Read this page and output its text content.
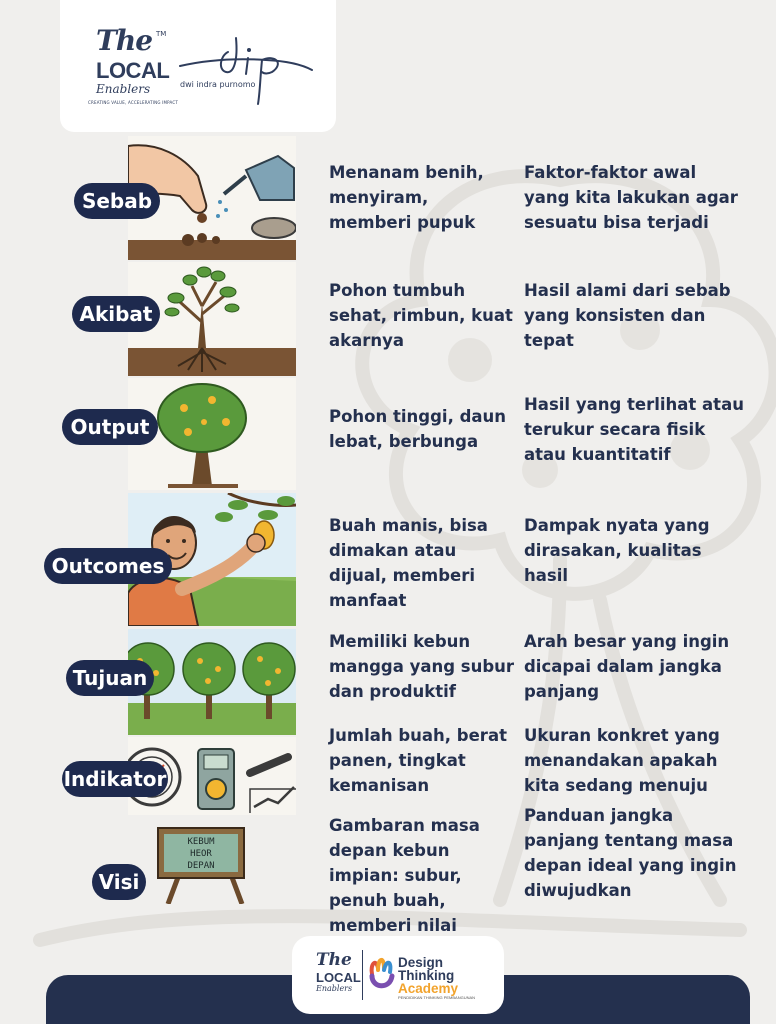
The TM
LOCAL
Enablers
CREATING VALUE, ACCELERATING IMPACT
dwi indra purnomo
Sebab
Menanam benih, menyiram, memberi pupuk
Faktor-faktor awal yang kita lakukan agar sesuatu bisa terjadi
Akibat
Pohon tumbuh sehat, rimbun, kuat akarnya
Hasil alami dari sebab yang konsisten dan tepat
Output	Pohon tinggi, daun lebat, berbunga
Hasil yang terlihat atau terukur secara fisik atau kuantitatif
Outcomes
Buah manis, bisa dimakan atau dijual, memberi manfaat
Dampak nyata yang dirasakan, kualitas hasil
Tujuan
Memiliki kebun mangga yang subur dan produktif
Arah besar yang ingin dicapai dalam jangka panjang
Indikator
Jumlah buah, berat panen, tingkat kemanisan
Ukuran konkret yang menandakan apakah kita sedang menuju
KEBUM
HEOR
DEPAN
Visi
Gambaran masa depan kebun impian: subur, penuh buah, memberi nilai
Panduan jangka panjang tentang masa depan ideal yang ingin diwujudkan
The
LOCAL
Enablers
Design
Thinking
Academy
PENDIDIKAN THINKING PEMBANGUNAN
